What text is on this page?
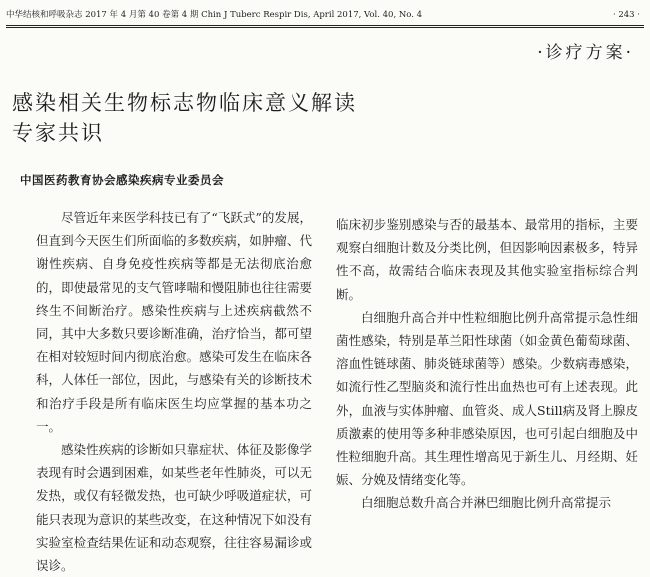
中华结核和呼吸杂志 2017 年 4 月第 40 卷第 4 期 Chin J Tuberc Respir Dis, April 2017, Vol. 40, No. 4	· 243 ·
·诊疗方案·
感染相关生物标志物临床意义解读
专家共识
中国医药教育协会感染疾病专业委员会

尽管近年来医学科技已有了“飞跃式”的发展，但直到今天医生们所面临的多数疾病，如肿瘤、代谢性疾病、自身免疫性疾病等都是无法彻底治愈的，即使最常见的支气管哮喘和慢阻肺也往往需要终生不间断治疗。感染性疾病与上述疾病截然不同，其中大多数只要诊断准确，治疗恰当，都可望在相对较短时间内彻底治愈。感染可发生在临床各科，人体任一部位，因此，与感染有关的诊断技术和治疗手段是所有临床医生均应掌握的基本功之一。

感染性疾病的诊断如只靠症状、体征及影像学表现有时会遇到困难，如某些老年性肺炎，可以无发热，或仅有轻微发热，也可缺少呼吸道症状，可能只表现为意识的某些改变，在这种情况下如没有实验室检查结果佐证和动态观察，往往容易漏诊或误诊。

临床初步鉴别感染与否的最基本、最常用的指标，主要观察白细胞计数及分类比例，但因影响因素极多，特异性不高，故需结合临床表现及其他实验室指标综合判断。

白细胞升高合并中性粒细胞比例升高常提示急性细菌性感染，特别是革兰阳性球菌（如金黄色葡萄球菌、溶血性链球菌、肺炎链球菌等）感染。少数病毒感染，如流行性乙型脑炎和流行性出血热也可有上述表现。此外，血液与实体肿瘤、血管炎、成人Still病及肾上腺皮质激素的使用等多种非感染原因，也可引起白细胞及中性粒细胞升高。其生理性增高见于新生儿、月经期、妊娠、分娩及情绪变化等。

白细胞总数升高合并淋巴细胞比例升高常提示
